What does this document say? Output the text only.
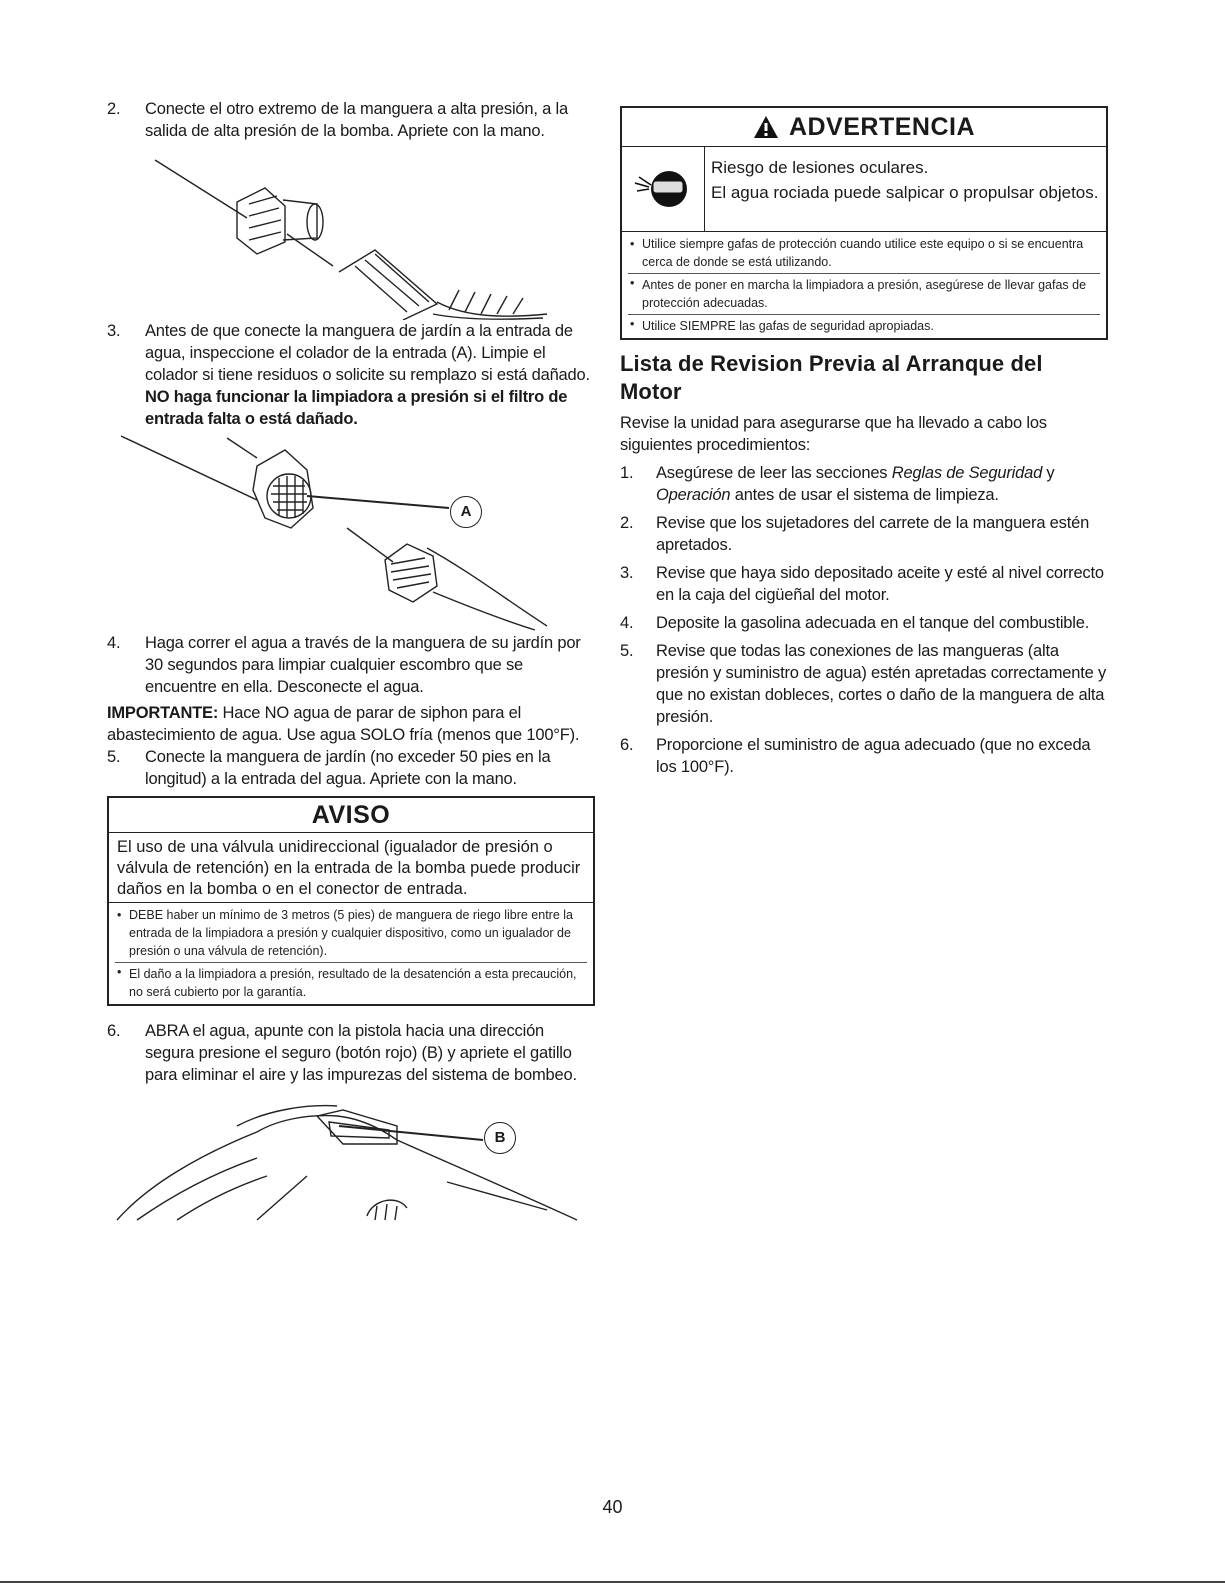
2. Conecte el otro extremo de la manguera a alta presión, a la salida de alta presión de la bomba. Apriete con la mano.
3. Antes de que conecte la manguera de jardín a la entrada de agua, inspeccione el colador de la entrada (A). Limpie el colador si tiene residuos o solicite su remplazo si está dañado. NO haga funcionar la limpiadora a presión si el filtro de entrada falta o está dañado.
A
4. Haga correr el agua a través de la manguera de su jardín por 30 segundos para limpiar cualquier escombro que se encuentre en ella. Desconecte el agua.

IMPORTANTE: Hace NO agua de parar de siphon para el abastecimiento de agua. Use agua SOLO fría (menos que 100°F).

5. Conecte la manguera de jardín (no exceder 50 pies en la longitud) a la entrada del agua. Apriete con la mano.
AVISO
El uso de una válvula unidireccional (igualador de presión o válvula de retención) en la entrada de la bomba puede producir daños en la bomba o en el conector de entrada.
• DEBE haber un mínimo de 3 metros (5 pies) de manguera de riego libre entre la entrada de la limpiadora a presión y cualquier dispositivo, como un igualador de presión o una válvula de retención).
• El daño a la limpiadora a presión, resultado de la desatención a esta precaución, no será cubierto por la garantía.
6. ABRA el agua, apunte con la pistola hacia una dirección segura presione el seguro (botón rojo) (B) y apriete el gatillo para eliminar el aire y las impurezas del sistema de bombeo.
B
ADVERTENCIA
Riesgo de lesiones oculares.
El agua rociada puede salpicar o propulsar objetos.
• Utilice siempre gafas de protección cuando utilice este equipo o si se encuentra cerca de donde se está utilizando.
• Antes de poner en marcha la limpiadora a presión, asegúrese de llevar gafas de protección adecuadas.
• Utilice SIEMPRE las gafas de seguridad apropiadas.
Lista de Revision Previa al Arranque del Motor

Revise la unidad para asegurarse que ha llevado a cabo los siguientes procedimientos:

1. Asegúrese de leer las secciones Reglas de Seguridad y Operación antes de usar el sistema de limpieza.
2. Revise que los sujetadores del carrete de la manguera estén apretados.
3. Revise que haya sido depositado aceite y esté al nivel correcto en la caja del cigüeñal del motor.
4. Deposite la gasolina adecuada en el tanque del combustible.
5. Revise que todas las conexiones de las mangueras (alta presión y suministro de agua) estén apretadas correctamente y que no existan dobleces, cortes o daño de la manguera de alta presión.
6. Proporcione el suministro de agua adecuado (que no exceda los 100°F).
40
